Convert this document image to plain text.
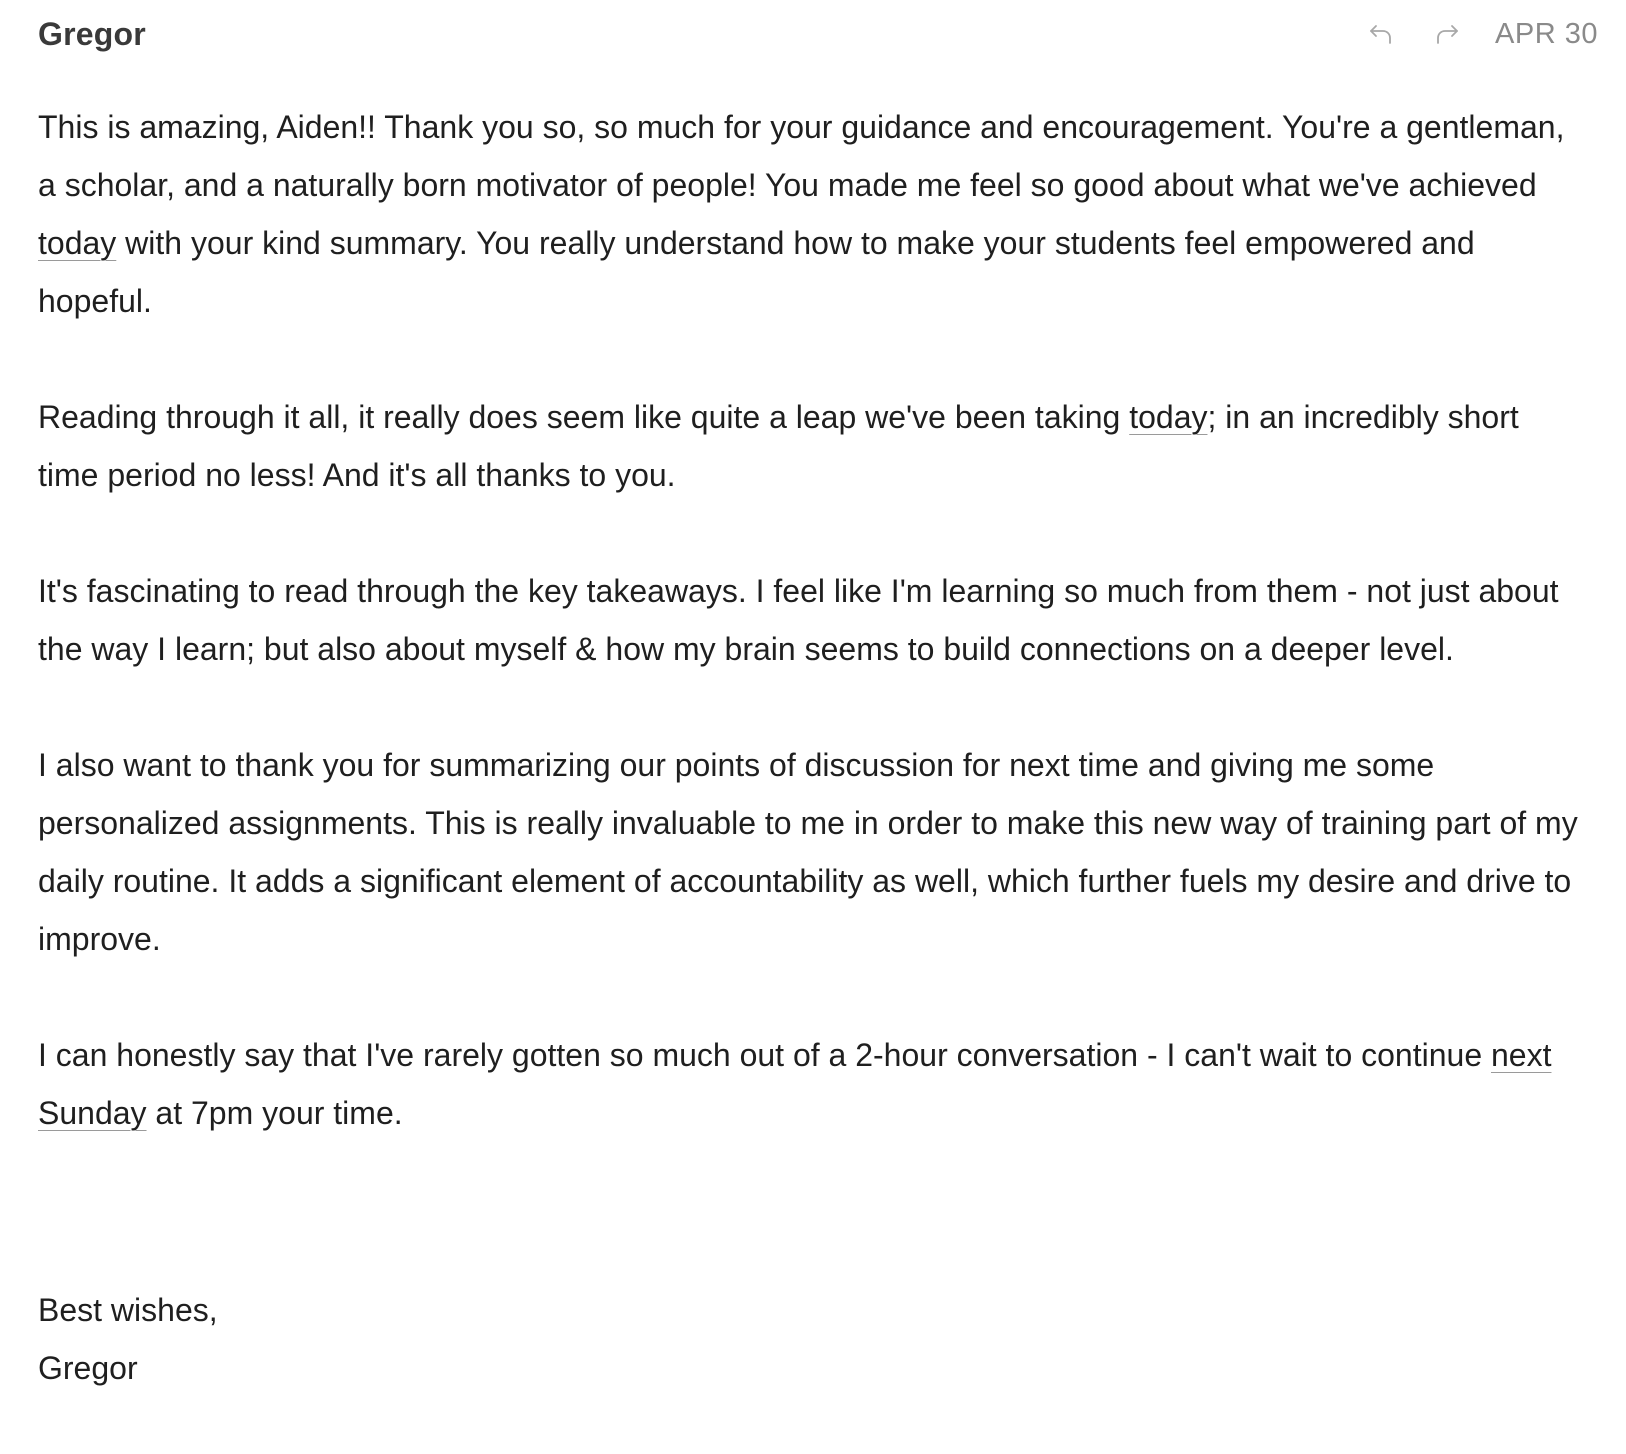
Gregor	APR 30

This is amazing, Aiden!! Thank you so, so much for your guidance and encouragement. You're a gentleman, a scholar, and a naturally born motivator of people! You made me feel so good about what we've achieved today with your kind summary. You really understand how to make your students feel empowered and hopeful.

Reading through it all, it really does seem like quite a leap we've been taking today; in an incredibly short time period no less! And it's all thanks to you.

It's fascinating to read through the key takeaways. I feel like I'm learning so much from them - not just about the way I learn; but also about myself & how my brain seems to build connections on a deeper level.

I also want to thank you for summarizing our points of discussion for next time and giving me some personalized assignments. This is really invaluable to me in order to make this new way of training part of my daily routine. It adds a significant element of accountability as well, which further fuels my desire and drive to improve.

I can honestly say that I've rarely gotten so much out of a 2-hour conversation - I can't wait to continue next Sunday at 7pm your time.

Best wishes,
Gregor
